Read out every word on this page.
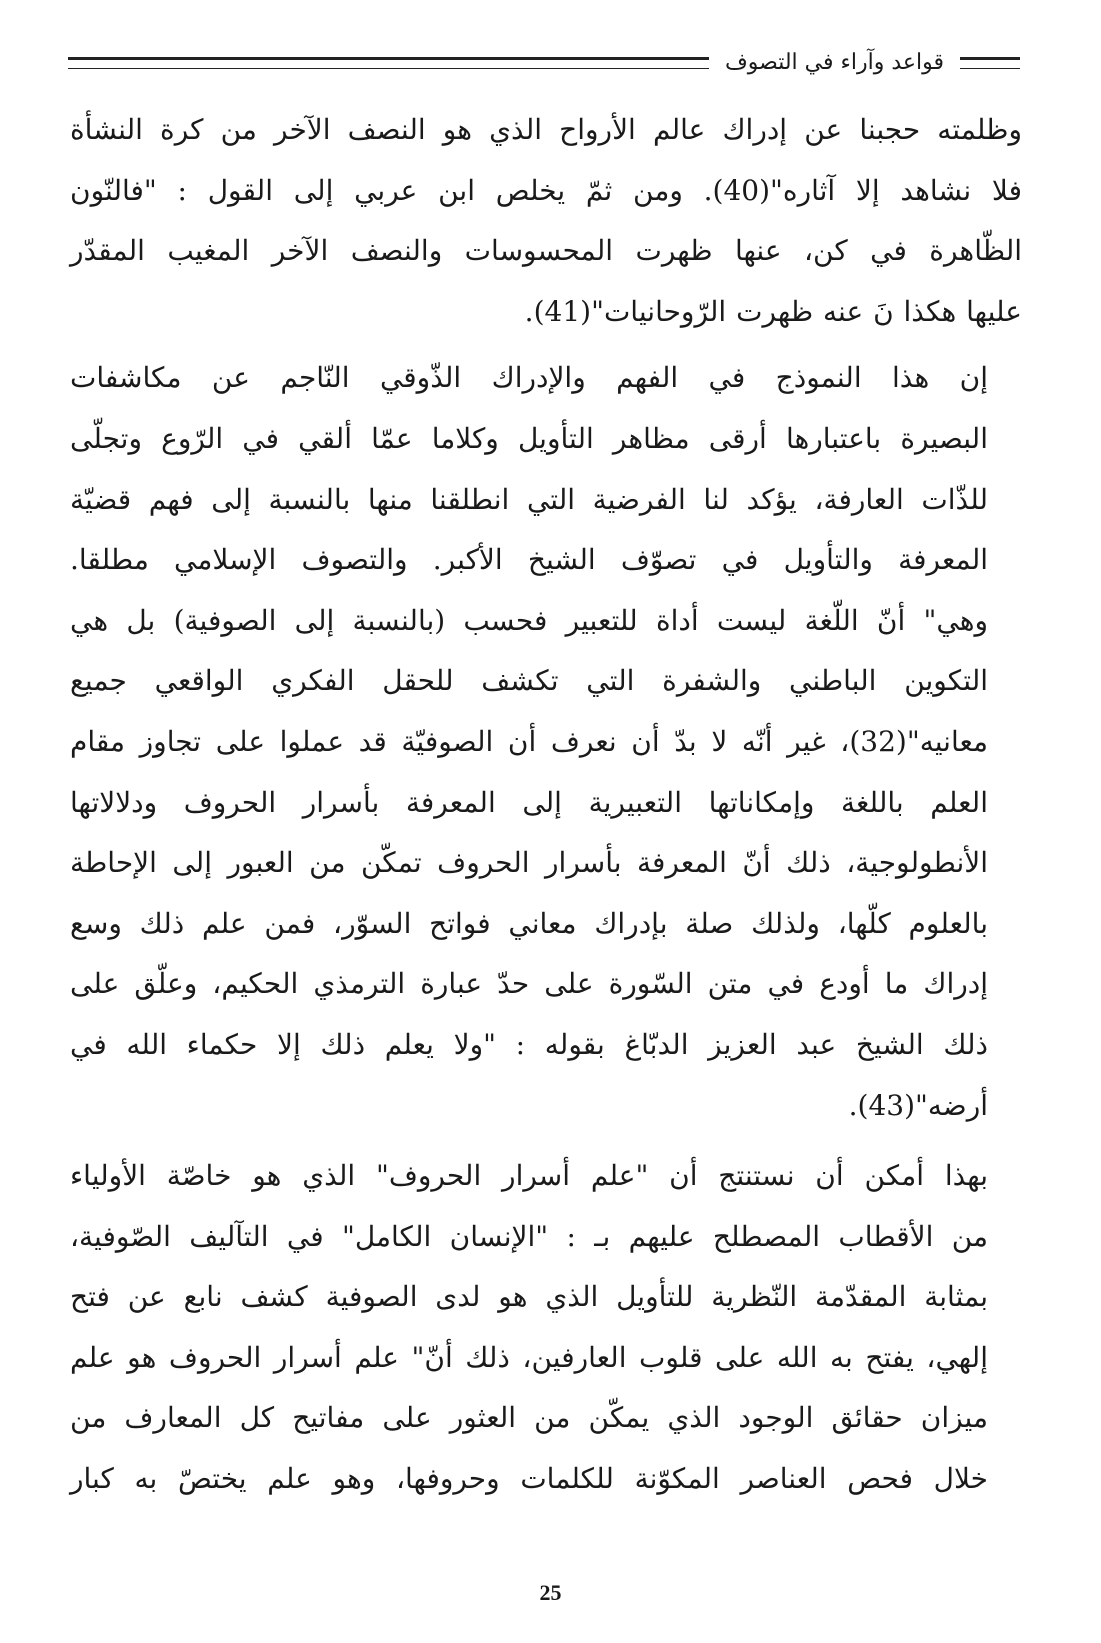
قواعد وآراء في التصوف

وظلمته حجبنا عن إدراك عالم الأرواح الذي هو النصف الآخر من كرة النشأة
فلا نشاهد إلا آثاره"(40). ومن ثمّ يخلص ابن عربي إلى القول : "فالنّون
الظّاهرة في كن، عنها ظهرت المحسوسات والنصف الآخر المغيب المقدّر
عليها هكذا نَ عنه ظهرت الرّوحانيات"(41).

إن هذا النموذج في الفهم والإدراك الذّوقي النّاجم عن مكاشفات
البصيرة باعتبارها أرقى مظاهر التأويل وكلاما عمّا ألقي في الرّوع وتجلّى
للذّات العارفة، يؤكد لنا الفرضية التي انطلقنا منها بالنسبة إلى فهم قضيّة
المعرفة والتأويل في تصوّف الشيخ الأكبر. والتصوف الإسلامي مطلقا.
وهي" أنّ اللّغة ليست أداة للتعبير فحسب (بالنسبة إلى الصوفية) بل هي
التكوين الباطني والشفرة التي تكشف للحقل الفكري الواقعي جميع
معانيه"(32)، غير أنّه لا بدّ أن نعرف أن الصوفيّة قد عملوا على تجاوز مقام
العلم باللغة وإمكاناتها التعبيرية إلى المعرفة بأسرار الحروف ودلالاتها
الأنطولوجية، ذلك أنّ المعرفة بأسرار الحروف تمكّن من العبور إلى الإحاطة
بالعلوم كلّها، ولذلك صلة بإدراك معاني فواتح السوّر، فمن علم ذلك وسع
إدراك ما أودع في متن السّورة على حدّ عبارة الترمذي الحكيم، وعلّق على
ذلك الشيخ عبد العزيز الدبّاغ بقوله : "ولا يعلم ذلك إلا حكماء الله في
أرضه"(43).

بهذا أمكن أن نستنتج أن "علم أسرار الحروف" الذي هو خاصّة الأولياء
من الأقطاب المصطلح عليهم بـ : "الإنسان الكامل" في التآليف الصّوفية،
بمثابة المقدّمة النّظرية للتأويل الذي هو لدى الصوفية كشف نابع عن فتح
إلهي، يفتح به الله على قلوب العارفين، ذلك أنّ" علم أسرار الحروف هو علم
ميزان حقائق الوجود الذي يمكّن من العثور على مفاتيح كل المعارف من
خلال فحص العناصر المكوّنة للكلمات وحروفها، وهو علم يختصّ به كبار

25
